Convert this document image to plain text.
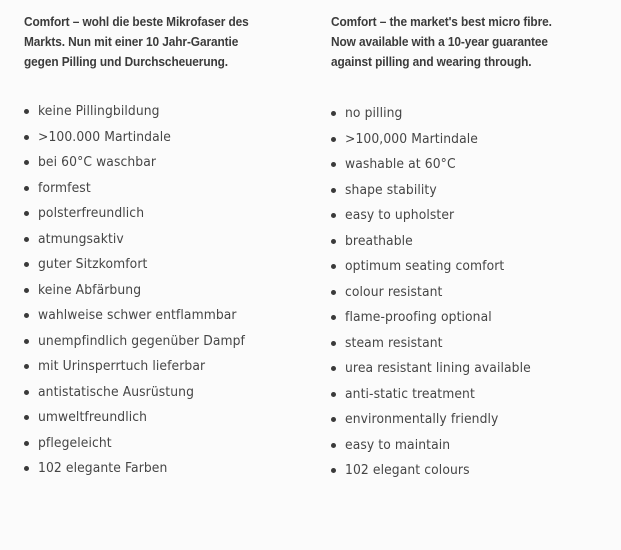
Comfort – wohl die beste Mikrofaser des
Markts. Nun mit einer 10 Jahr-Garantie
gegen Pilling und Durchscheuerung.
keine Pillingbildung
>100.000 Martindale
bei 60°C waschbar
formfest
polsterfreundlich
atmungsaktiv
guter Sitzkomfort
keine Abfärbung
wahlweise schwer entflammbar
unempfindlich gegenüber Dampf
mit Urinsperrtuch lieferbar
antistatische Ausrüstung
umweltfreundlich
pflegeleicht
102 elegante Farben
Comfort – the market's best micro fibre.
Now available with a 10-year guarantee
against pilling and wearing through.
no pilling
>100,000 Martindale
washable at 60°C
shape stability
easy to upholster
breathable
optimum seating comfort
colour resistant
flame-proofing optional
steam resistant
urea resistant lining available
anti-static treatment
environmentally friendly
easy to maintain
102 elegant colours
